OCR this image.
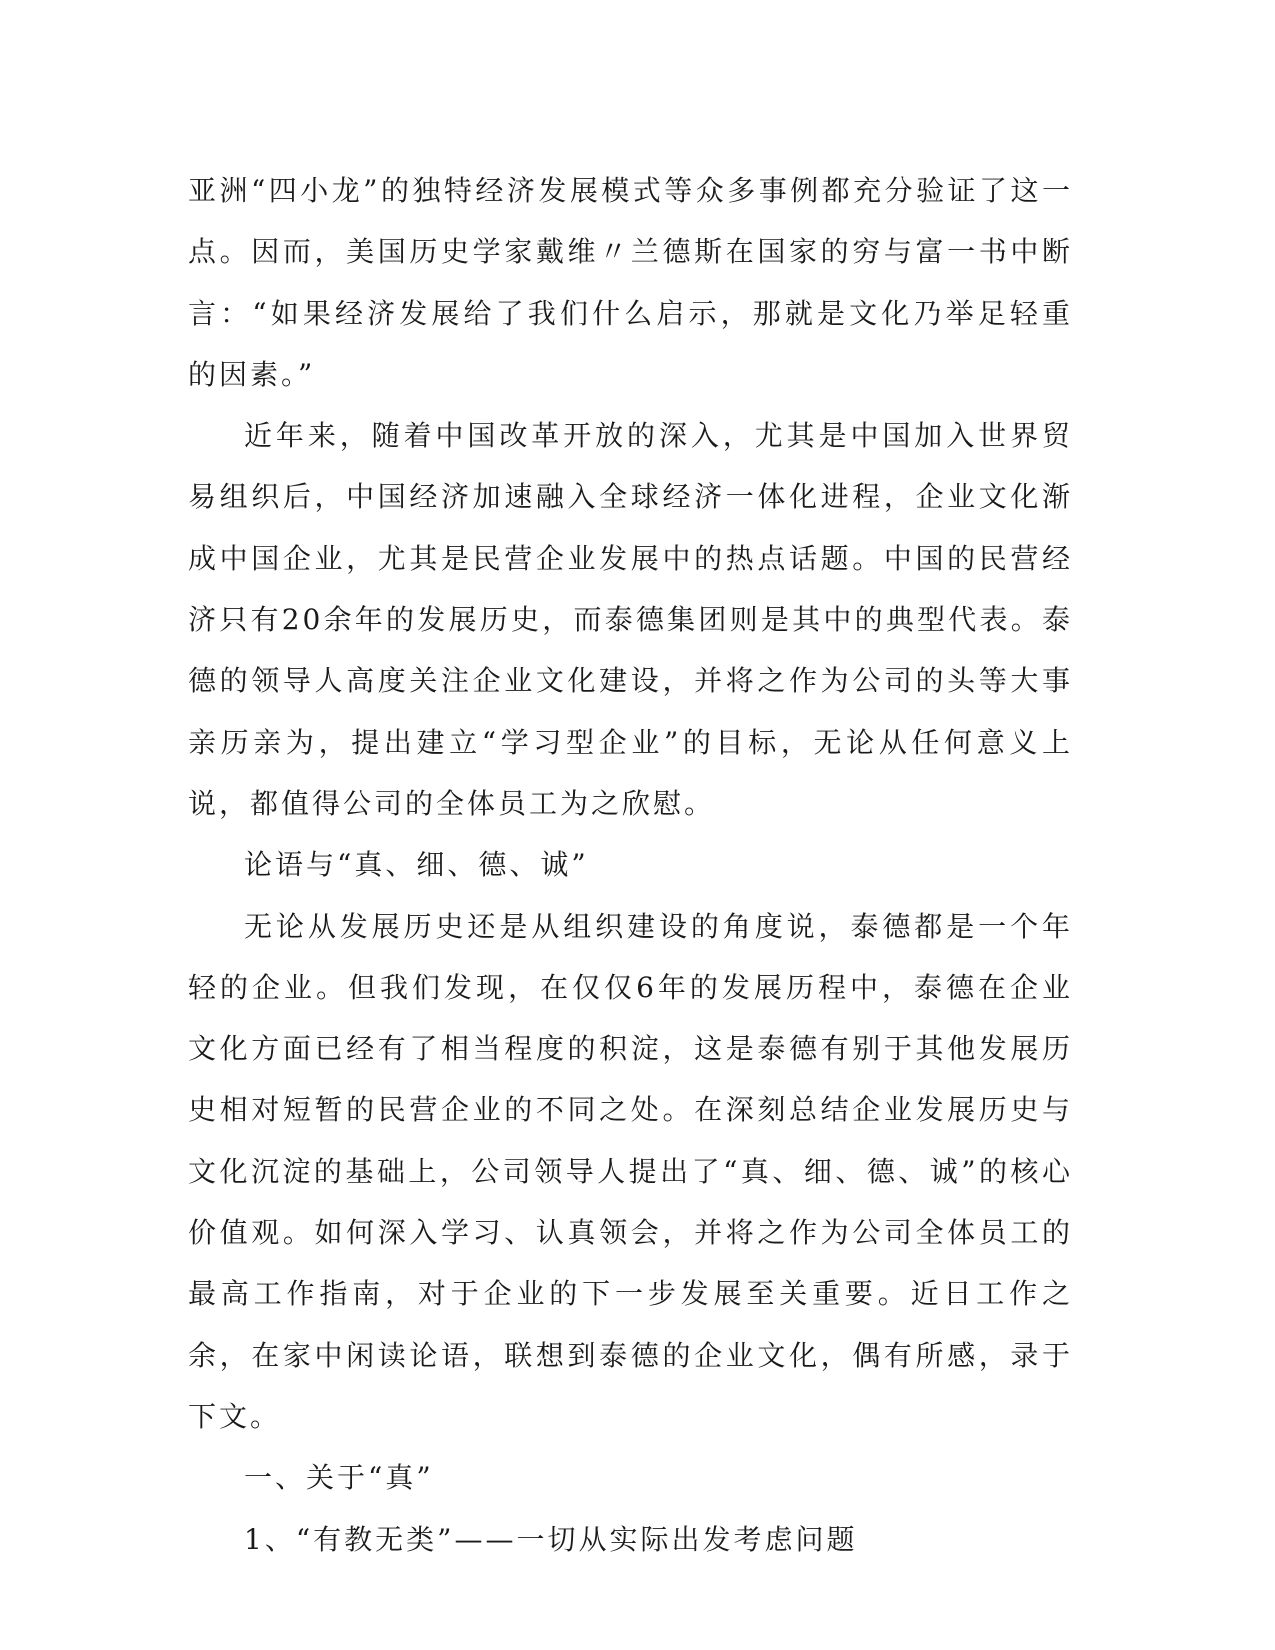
亚洲“四小龙”的独特经济发展模式等众多事例都充分验证了这一点。因而，美国历史学家戴维〃兰德斯在国家的穷与富一书中断言：“如果经济发展给了我们什么启示，那就是文化乃举足轻重的因素。”

近年来，随着中国改革开放的深入，尤其是中国加入世界贸易组织后，中国经济加速融入全球经济一体化进程，企业文化渐成中国企业，尤其是民营企业发展中的热点话题。中国的民营经济只有20余年的发展历史，而泰德集团则是其中的典型代表。泰德的领导人高度关注企业文化建设，并将之作为公司的头等大事亲历亲为，提出建立“学习型企业”的目标，无论从任何意义上说，都值得公司的全体员工为之欣慰。

论语与“真、细、德、诚”

无论从发展历史还是从组织建设的角度说，泰德都是一个年轻的企业。但我们发现，在仅仅6年的发展历程中，泰德在企业文化方面已经有了相当程度的积淀，这是泰德有别于其他发展历史相对短暂的民营企业的不同之处。在深刻总结企业发展历史与文化沉淀的基础上，公司领导人提出了“真、细、德、诚”的核心价值观。如何深入学习、认真领会，并将之作为公司全体员工的最高工作指南，对于企业的下一步发展至关重要。近日工作之余，在家中闲读论语，联想到泰德的企业文化，偶有所感，录于下文。

一、关于“真”

1、“有教无类”——一切从实际出发考虑问题
